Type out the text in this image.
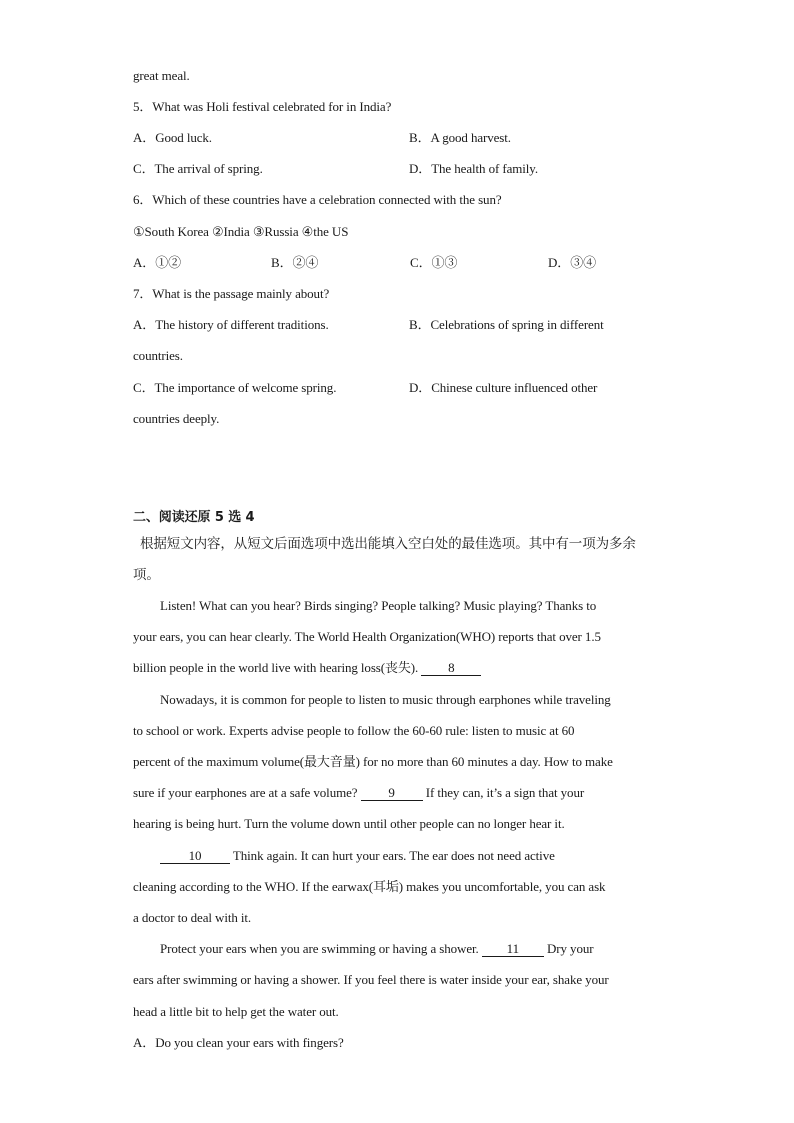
great meal.
5．What was Holi festival celebrated for in India?
A．Good luck.	B．A good harvest.
C．The arrival of spring.	D．The health of family.
6．Which of these countries have a celebration connected with the sun?
①South Korea ②India ③Russia ④the US
A．①②	B．②④	C．①③	D．③④
7．What is the passage mainly about?
A．The history of different traditions.	B．Celebrations of spring in different
countries.
C．The importance of welcome spring.	D．Chinese culture influenced other
countries deeply.
二、阅读还原 5 选 4
根据短文内容，从短文后面选项中选出能填入空白处的最佳选项。其中有一项为多余
项。
Listen! What can you hear? Birds singing? People talking? Music playing? Thanks to
your ears, you can hear clearly. The World Health Organization(WHO) reports that over 1.5
billion people in the world live with hearing loss(丧失). 8
Nowadays, it is common for people to listen to music through earphones while traveling
to school or work. Experts advise people to follow the 60-60 rule: listen to music at 60
percent of the maximum volume(最大音量) for no more than 60 minutes a day. How to make
sure if your earphones are at a safe volume? 9 If they can, it’s a sign that your
hearing is being hurt. Turn the volume down until other people can no longer hear it.
10 Think again. It can hurt your ears. The ear does not need active
cleaning according to the WHO. If the earwax(耳垢) makes you uncomfortable, you can ask
a doctor to deal with it.
Protect your ears when you are swimming or having a shower. 11 Dry your
ears after swimming or having a shower. If you feel there is water inside your ear, shake your
head a little bit to help get the water out.
A．Do you clean your ears with fingers?
